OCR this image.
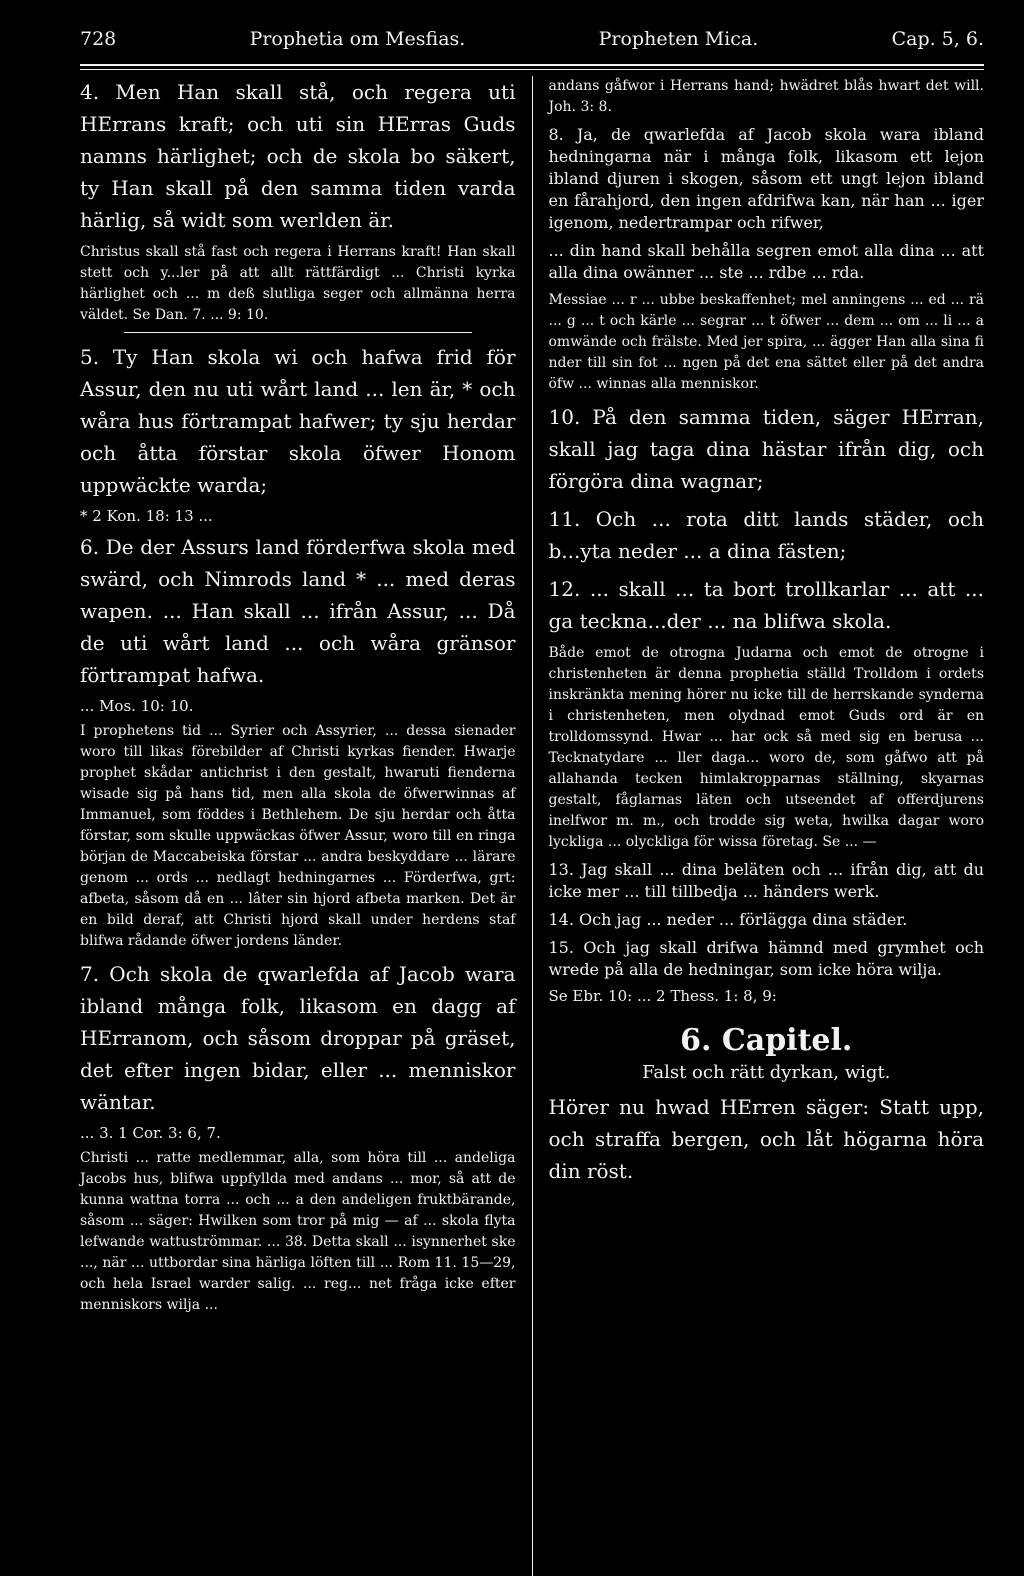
728	Prophetia om Mesfias.	Propheten Mica.	Cap. 5, 6.

4. Men Han skall stå, och regera uti HErrans kraft; och uti sin HErras Guds namns härlighet; och de skola bo säkert, ty Han skall på den samma tiden varda härlig, så widt som werlden är.

Christus skall stå fast och regera i Herrans kraft! Han skall stett och y...ler på att allt rättfärdigt ... Christi kyrka härlighet och ... m deß slutliga seger och allmänna herra väldet. Se Dan. 7. ... 9: 10.

5. Ty Han skola wi och hafwa frid för Assur, den nu uti wårt land ... len är, * och wåra hus förtrampat hafwer; ty sju herdar och åtta förstar skola öfwer Honom uppwäckte warda;

* 2 Kon. 18: 13 ...

6. De der Assurs land förderfwa skola med swärd, och Nimrods land * ... med deras wapen. ... Han skall ... ifrån Assur, ... Då de uti wårt land ... och wåra gränsor förtrampat hafwa.

... Mos. 10: 10.

I prophetens tid ... Syrier och Assyrier, ... dessa sienader woro till likas förebilder af Christi kyrkas fiender. Hwarje prophet skådar antichrist i den gestalt, hwaruti fienderna wisade sig på hans tid, men alla skola de öfwerwinnas af Immanuel, som föddes i Bethlehem. De sju herdar och åtta förstar, som skulle uppwäckas öfwer Assur, woro till en ringa början de Maccabeiska förstar ... andra beskyddare ... lärare genom ... ords ... nedlagt hedningarnes ... Förderfwa, grt: afbeta, såsom då en ... lâter sin hjord afbeta marken. Det är en bild deraf, att Christi hjord skall under herdens staf blifwa rådande öfwer jordens länder.

7. Och skola de qwarlefda af Jacob wara ibland många folk, likasom en dagg af HErranom, och såsom droppar på gräset, det efter ingen bidar, eller ... menniskor wäntar.

... 3. 1 Cor. 3: 6, 7.

Christi ... ratte medlemmar, alla, som höra till ... andeliga Jacobs hus, blifwa uppfyllda med andans ... mor, så att de kunna wattna torra ... och ... a den andeligen fruktbärande, såsom ... säger: Hwilken som tror på mig — af ... skola flyta lefwande wattuströmmar. ... 38. Detta skall ... isynnerhet ske ..., när ... uttbordar sina härliga löften till ... Rom 11. 15—29, och hela Israel warder salig. ... reg... net fråga icke efter menniskors wilja ...

andans gåfwor i Herrans hand; hwädret blås hwart det will. Joh. 3: 8.

8. Ja, de qwarlefda af Jacob skola wara ibland hedningarna när i många folk, likasom ett lejon ibland djuren i skogen, såsom ett ungt lejon ibland en fårahjord, den ingen afdrifwa kan, när han ... iger igenom, nedertrampar och rifwer,

... din hand skall behålla segren emot alla dina ... att alla dina owänner ... ste ... rdbe ... rda.

Messiae ... r ... ubbe beskaffenhet; mel anningens ... ed ... rä ... g ... t och kärle ... segrar ... t öfwer ... dem ... om ... li ... a omwände och frälste. Med jer spira, ... ägger Han alla sina fi nder till sin fot ... ngen på det ena sättet eller på det andra öfw ... winnas alla menniskor.

10. På den samma tiden, säger HErran, skall jag taga dina hästar ifrån dig, och förgöra dina wagnar;

11. Och ... rota ditt lands städer, och b...yta neder ... a dina fästen;

12. ... skall ... ta bort trollkarlar ... att ... ga teckna...der ... na blifwa skola.

Både emot de otrogna Judarna och emot de otrogne i christenheten är denna prophetia ställd Trolldom i ordets inskränkta mening hörer nu icke till de herrskande synderna i christenheten, men olydnad emot Guds ord är en trolldomssynd. Hwar ... har ock så med sig en berusa ... Tecknatydare ... ller daga... woro de, som gåfwo att på allahanda tecken himlakropparnas ställning, skyarnas gestalt, fåglarnas läten och utseendet af offerdjurens inelfwor m. m., och trodde sig weta, hwilka dagar woro lyckliga ... olyckliga för wissa företag. Se ... —

13. Jag skall ... dina beläten och ... ifrån dig, att du icke mer ... till tillbedja ... händers werk.

14. Och jag ... neder ... förlägga dina städer.

15. Och jag skall drifwa hämnd med grymhet och wrede på alla de hedningar, som icke höra wilja.

Se Ebr. 10: ... 2 Thess. 1: 8, 9:

6. Capitel.
Falst och rätt dyrkan, wigt.

Hörer nu hwad HErren säger: Statt upp, och straffa bergen, och låt högarna höra din röst.
